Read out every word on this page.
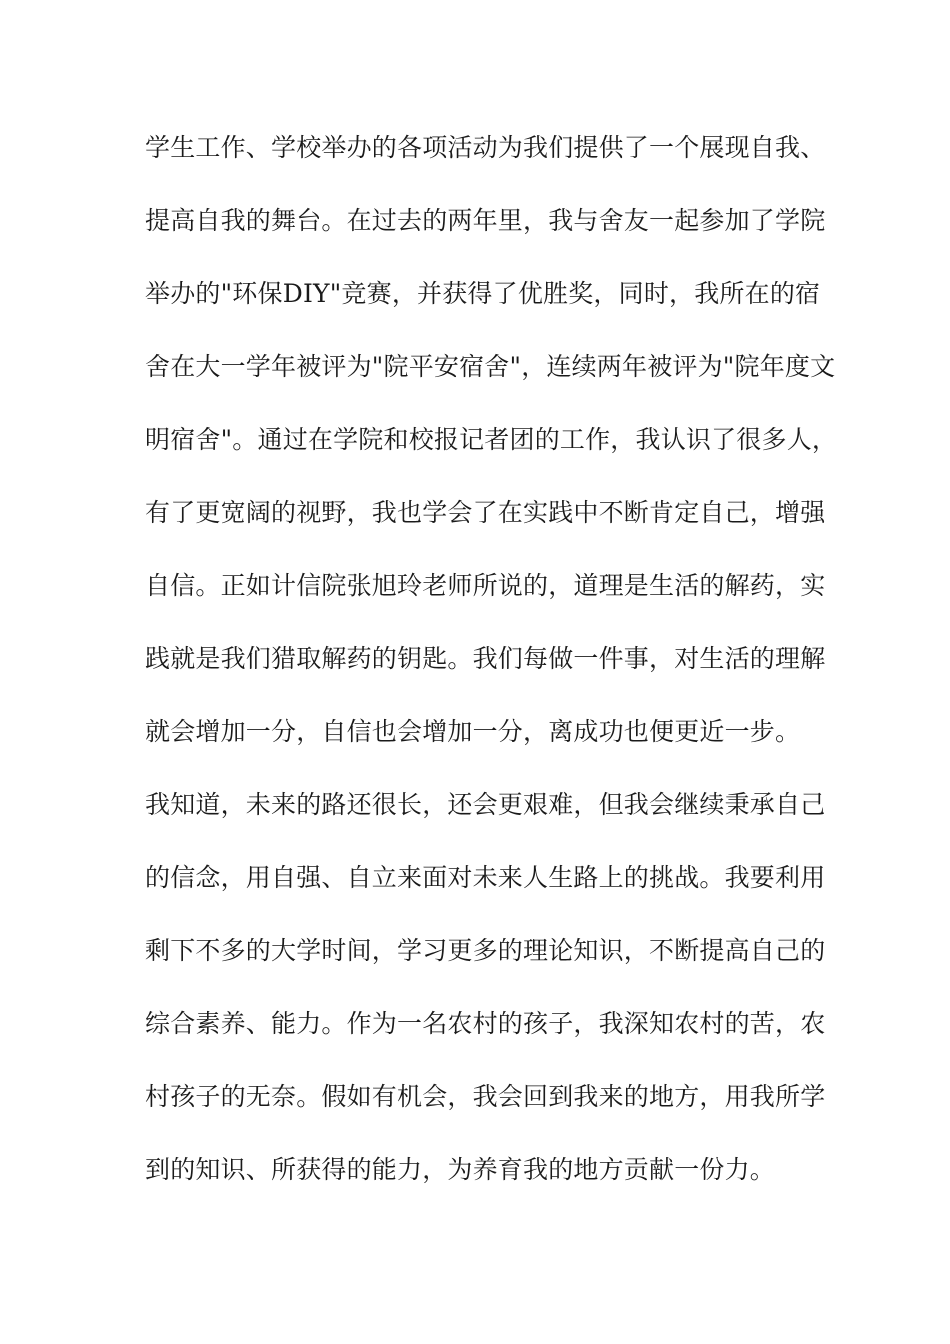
学生工作、学校举办的各项活动为我们提供了一个展现自我、
提高自我的舞台。在过去的两年里，我与舍友一起参加了学院
举办的"环保DIY"竞赛，并获得了优胜奖，同时，我所在的宿
舍在大一学年被评为"院平安宿舍"，连续两年被评为"院年度文
明宿舍"。通过在学院和校报记者团的工作，我认识了很多人，
有了更宽阔的视野，我也学会了在实践中不断肯定自己，增强
自信。正如计信院张旭玲老师所说的，道理是生活的解药，实
践就是我们猎取解药的钥匙。我们每做一件事，对生活的理解
就会增加一分，自信也会增加一分，离成功也便更近一步。
我知道，未来的路还很长，还会更艰难，但我会继续秉承自己
的信念，用自强、自立来面对未来人生路上的挑战。我要利用
剩下不多的大学时间，学习更多的理论知识，不断提高自己的
综合素养、能力。作为一名农村的孩子，我深知农村的苦，农
村孩子的无奈。假如有机会，我会回到我来的地方，用我所学
到的知识、所获得的能力，为养育我的地方贡献一份力。
